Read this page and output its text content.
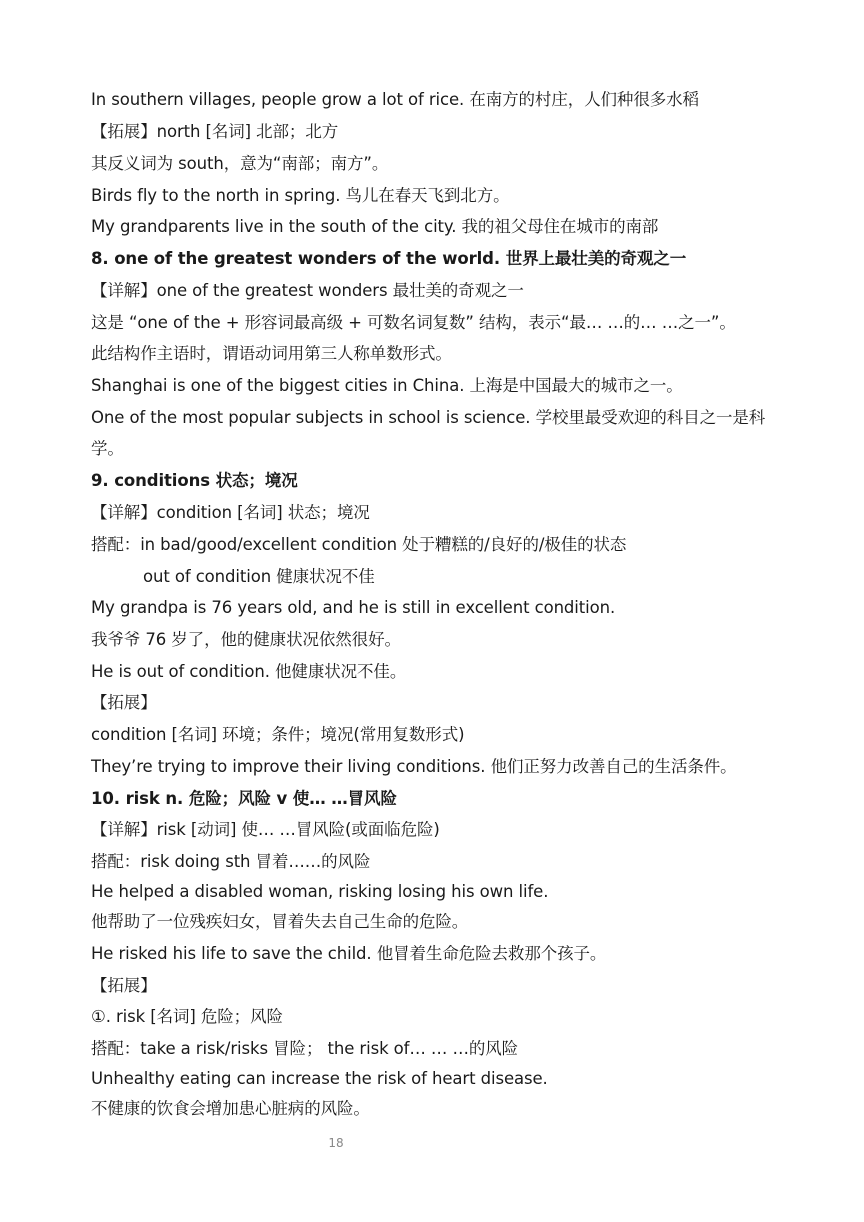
In southern villages, people grow a lot of rice. 在南方的村庄，人们种很多水稻
【拓展】north [名词] 北部；北方
其反义词为 south，意为“南部；南方”。
Birds fly to the north in spring. 鸟儿在春天飞到北方。
My grandparents live in the south of the city. 我的祖父母住在城市的南部
8. one of the greatest wonders of the world. 世界上最壮美的奇观之一
【详解】one of the greatest wonders 最壮美的奇观之一
这是 “one of the + 形容词最高级 + 可数名词复数” 结构，表示“最… …的… …之一”。
此结构作主语时，谓语动词用第三人称单数形式。
Shanghai is one of the biggest cities in China. 上海是中国最大的城市之一。
One of the most popular subjects in school is science. 学校里最受欢迎的科目之一是科
学。
9. conditions 状态；境况
【详解】condition [名词] 状态；境况
搭配：in bad/good/excellent condition 处于糟糕的/良好的/极佳的状态
out of condition 健康状况不佳
My grandpa is 76 years old, and he is still in excellent condition.
我爷爷 76 岁了，他的健康状况依然很好。
He is out of condition. 他健康状况不佳。
【拓展】
condition [名词] 环境；条件；境况(常用复数形式)
They’re trying to improve their living conditions. 他们正努力改善自己的生活条件。
10. risk n. 危险；风险 v 使… …冒风险
【详解】risk [动词] 使… …冒风险(或面临危险)
搭配：risk doing sth 冒着……的风险
He helped a disabled woman, risking losing his own life.
他帮助了一位残疾妇女，冒着失去自己生命的危险。
He risked his life to save the child. 他冒着生命危险去救那个孩子。
【拓展】
①. risk [名词] 危险；风险
搭配：take a risk/risks 冒险； the risk of… … …的风险
Unhealthy eating can increase the risk of heart disease.
不健康的饮食会增加患心脏病的风险。
18
